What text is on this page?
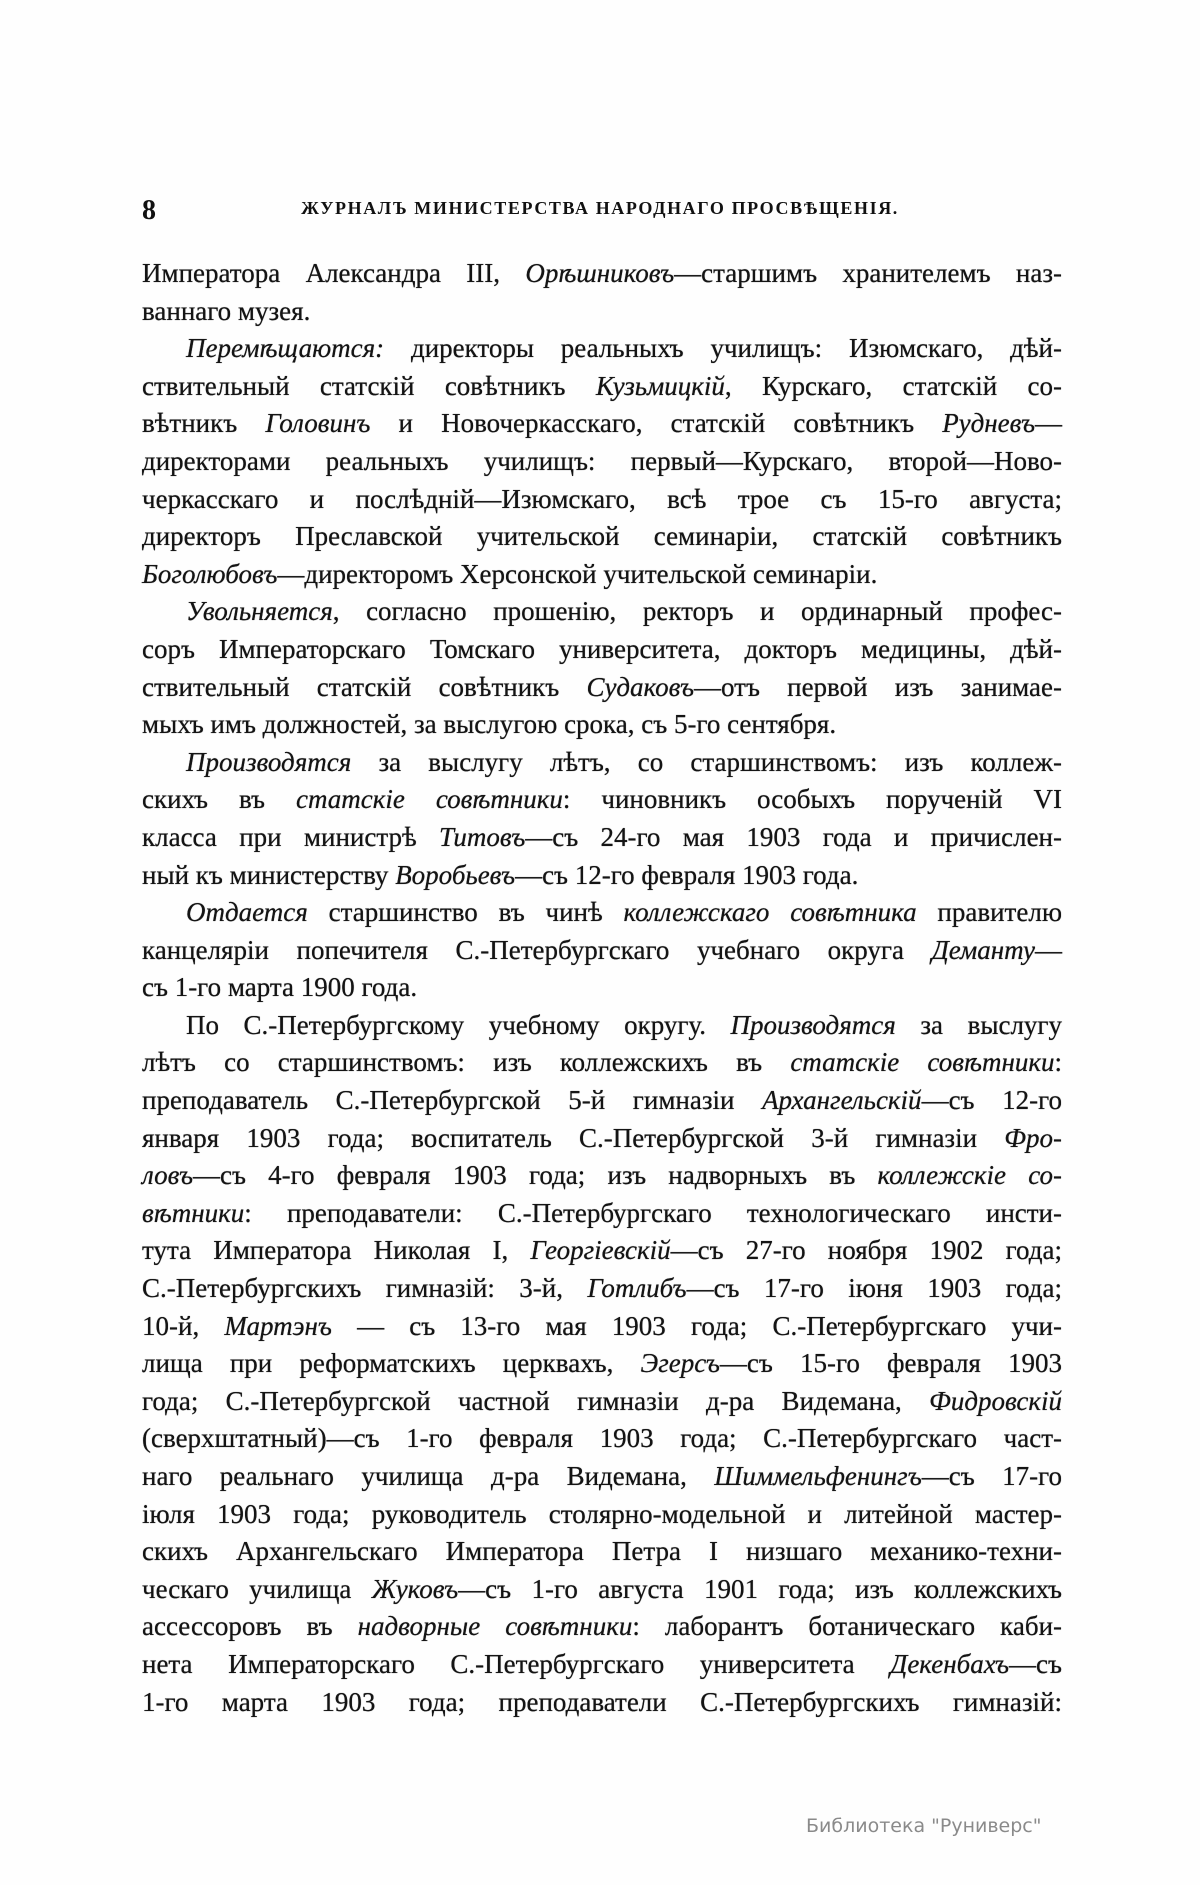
8	ЖУРНАЛЪ МИНИСТЕРСТВА НАРОДНАГО ПРОСВѢЩЕНІЯ.
Императора Александра III, Орѣшниковъ—старшимъ хранителемъ наз-
ваннаго музея.
Перемѣщаются: директоры реальныхъ училищъ: Изюмскаго, дѣй-
ствительный статскій совѣтникъ Кузьмицкій, Курскаго, статскій со-
вѣтникъ Головинъ и Новочеркасскаго, статскій совѣтникъ Рудневъ—
директорами реальныхъ училищъ: первый—Курскаго, второй—Ново-
черкасскаго и послѣдній—Изюмскаго, всѣ трое съ 15-го августа;
директоръ Преславской учительской семинаріи, статскій совѣтникъ
Боголюбовъ—директоромъ Херсонской учительской семинаріи.
Увольняется, согласно прошенію, ректоръ и ординарный профес-
соръ Императорскаго Томскаго университета, докторъ медицины, дѣй-
ствительный статскій совѣтникъ Судаковъ—отъ первой изъ занимае-
мыхъ имъ должностей, за выслугою срока, съ 5-го сентября.
Производятся за выслугу лѣтъ, со старшинствомъ: изъ коллеж-
скихъ въ статскіе совѣтники: чиновникъ особыхъ порученій VI
класса при министрѣ Титовъ—съ 24-го мая 1903 года и причислен-
ный къ министерству Воробьевъ—съ 12-го февраля 1903 года.
Отдается старшинство въ чинѣ коллежскаго совѣтника правителю
канцеляріи попечителя С.-Петербургскаго учебнаго округа Деманту—
съ 1-го марта 1900 года.
По С.-Петербургскому учебному округу. Производятся за выслугу
лѣтъ со старшинствомъ: изъ коллежскихъ въ статскіе совѣтники:
преподаватель С.-Петербургской 5-й гимназіи Архангельскій—съ 12-го
января 1903 года; воспитатель С.-Петербургской 3-й гимназіи Фро-
ловъ—съ 4-го февраля 1903 года; изъ надворныхъ въ коллежскіе со-
вѣтники: преподаватели: С.-Петербургскаго технологическаго инсти-
тута Императора Николая I, Георгіевскій—съ 27-го ноября 1902 года;
С.-Петербургскихъ гимназій: 3-й, Готлибъ—съ 17-го іюня 1903 года;
10-й, Мартэнъ — съ 13-го мая 1903 года; С.-Петербургскаго учи-
лища при реформатскихъ церквахъ, Эгерсъ—съ 15-го февраля 1903
года; С.-Петербургской частной гимназіи д-ра Видемана, Фидровскій
(сверхштатный)—съ 1-го февраля 1903 года; С.-Петербургскаго част-
наго реальнаго училища д-ра Видемана, Шиммельфенингъ—съ 17-го
іюля 1903 года; руководитель столярно-модельной и литейной мастер-
скихъ Архангельскаго Императора Петра I низшаго механико-техни-
ческаго училища Жуковъ—съ 1-го августа 1901 года; изъ коллежскихъ
ассессоровъ въ надворные совѣтники: лаборантъ ботаническаго каби-
нета Императорскаго С.-Петербургскаго университета Декенбахъ—съ
1-го марта 1903 года; преподаватели С.-Петербургскихъ гимназій:
Библиотека "Руниверс"
